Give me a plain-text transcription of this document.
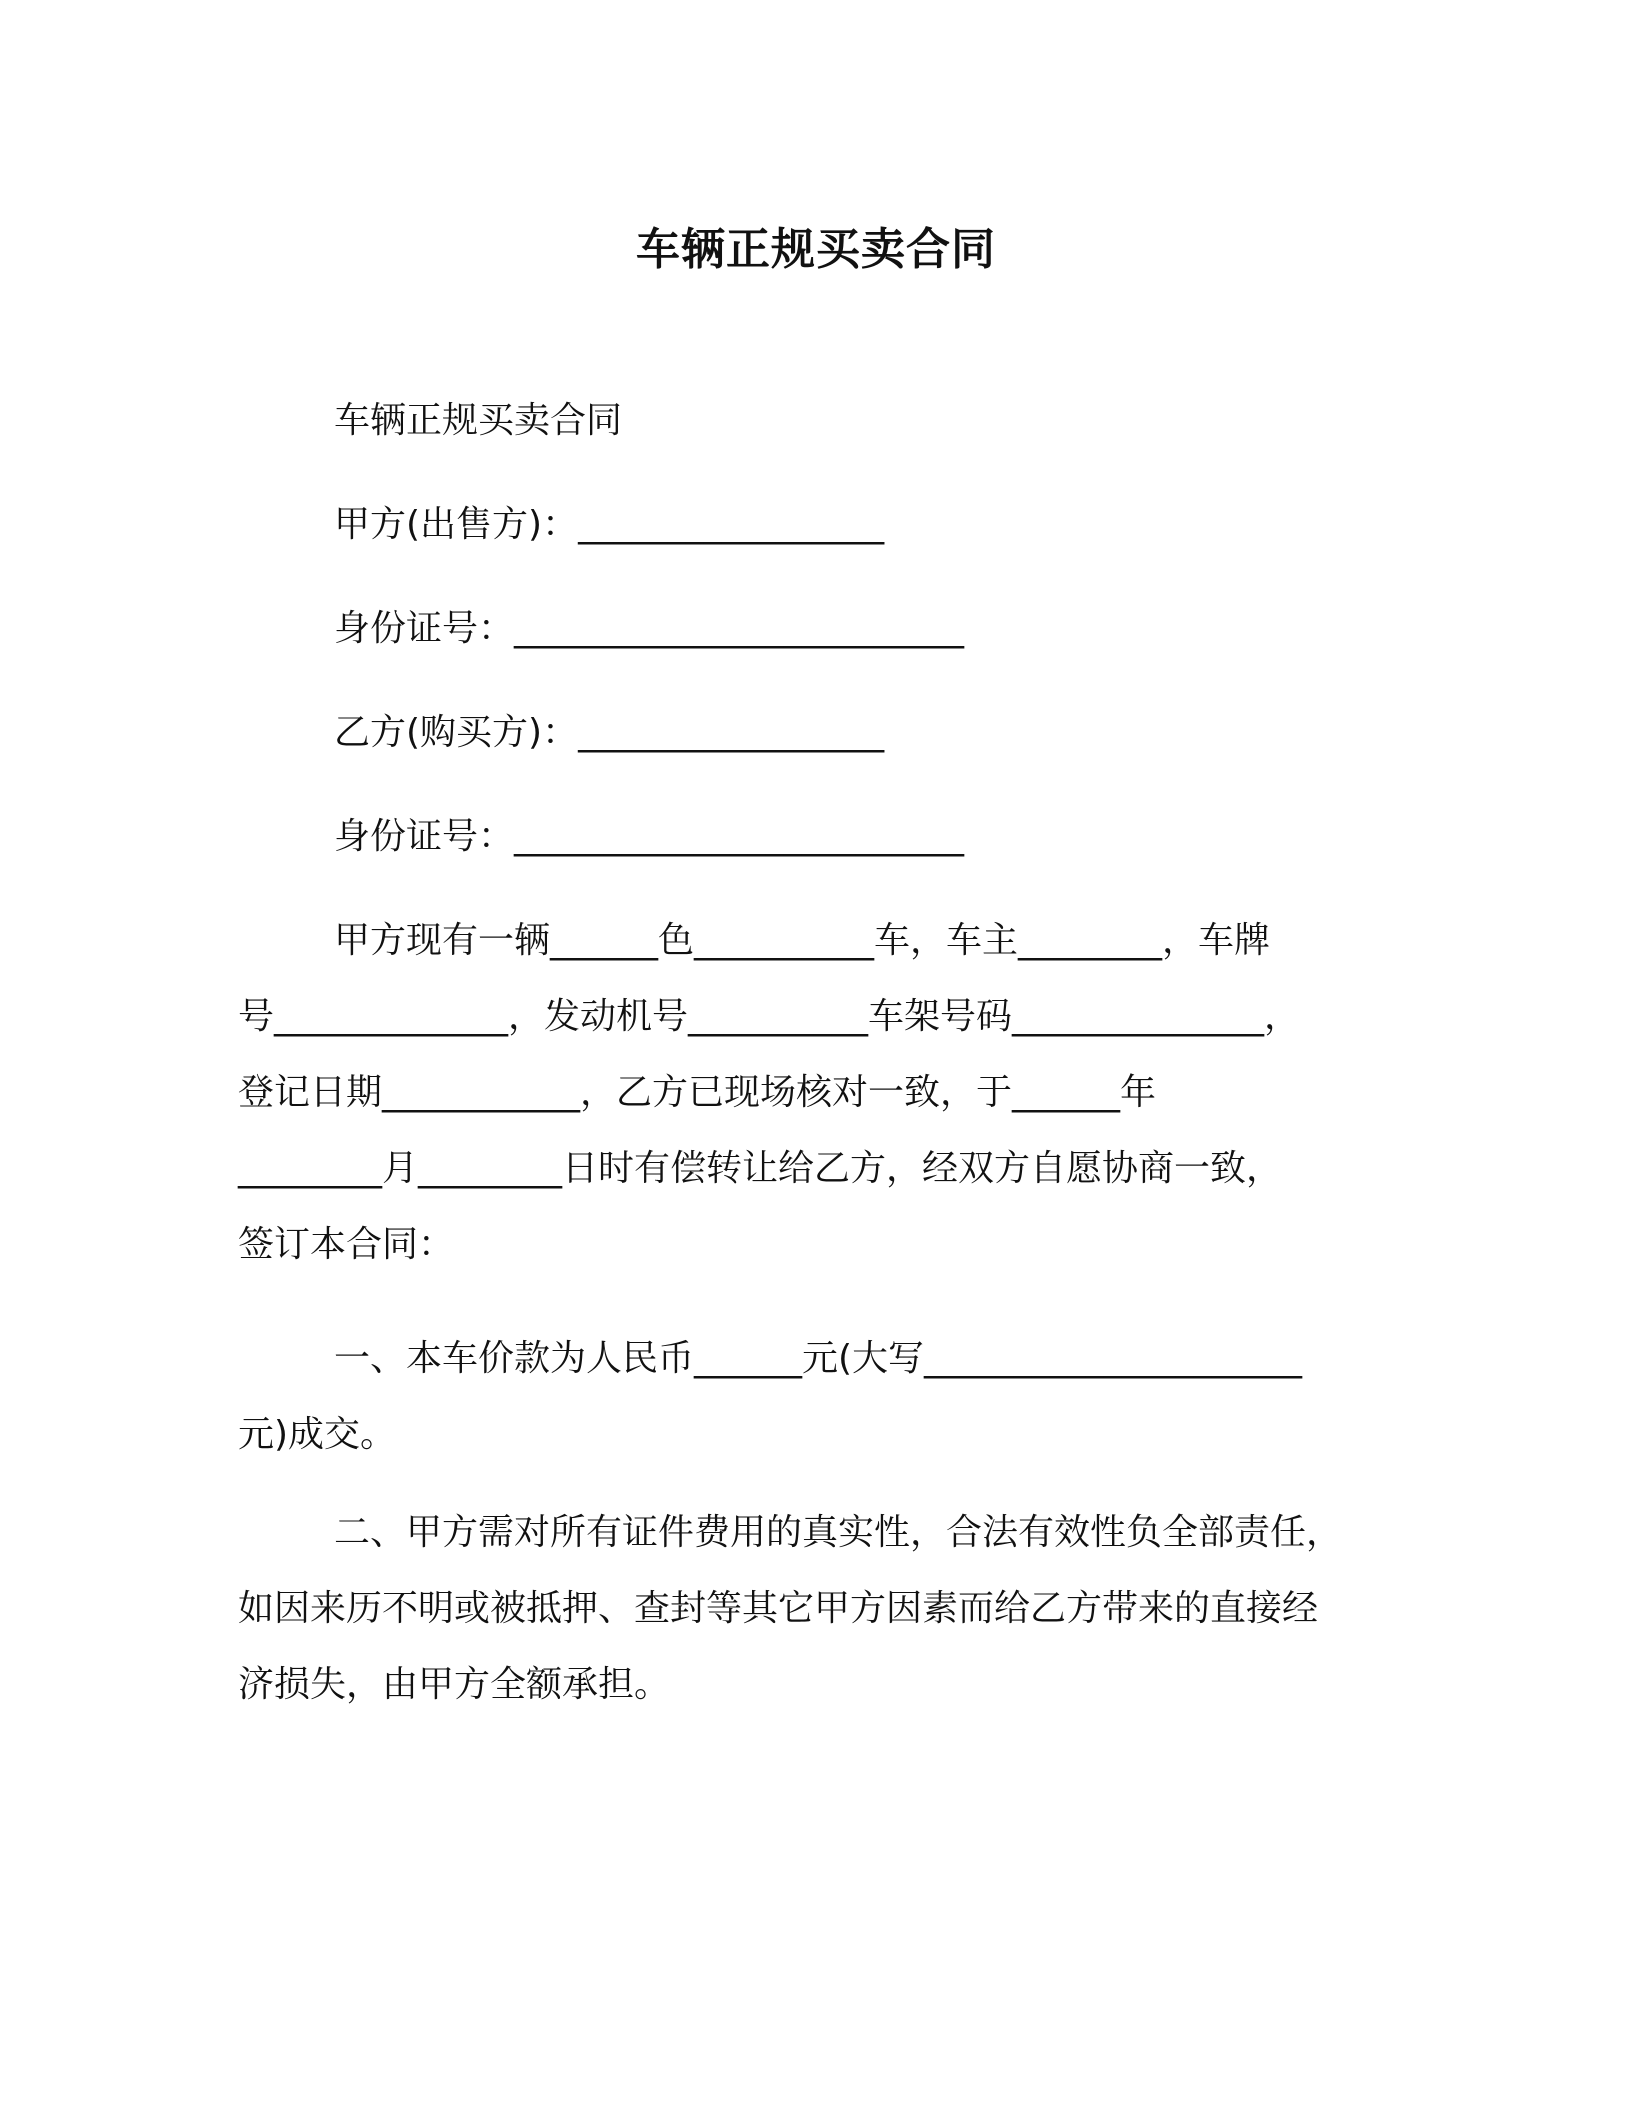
车辆正规买卖合同
车辆正规买卖合同
甲方(出售方)：_________________
身份证号：_________________________
乙方(购买方)：_________________
身份证号：_________________________
甲方现有一辆______色__________车，车主________，车牌
号_____________，发动机号__________车架号码______________，
登记日期___________，乙方已现场核对一致，于______年
________月________日时有偿转让给乙方，经双方自愿协商一致，
签订本合同：
一、本车价款为人民币______元(大写_____________________
元)成交。
二、甲方需对所有证件费用的真实性，合法有效性负全部责任，
如因来历不明或被抵押、查封等其它甲方因素而给乙方带来的直接经
济损失，由甲方全额承担。
